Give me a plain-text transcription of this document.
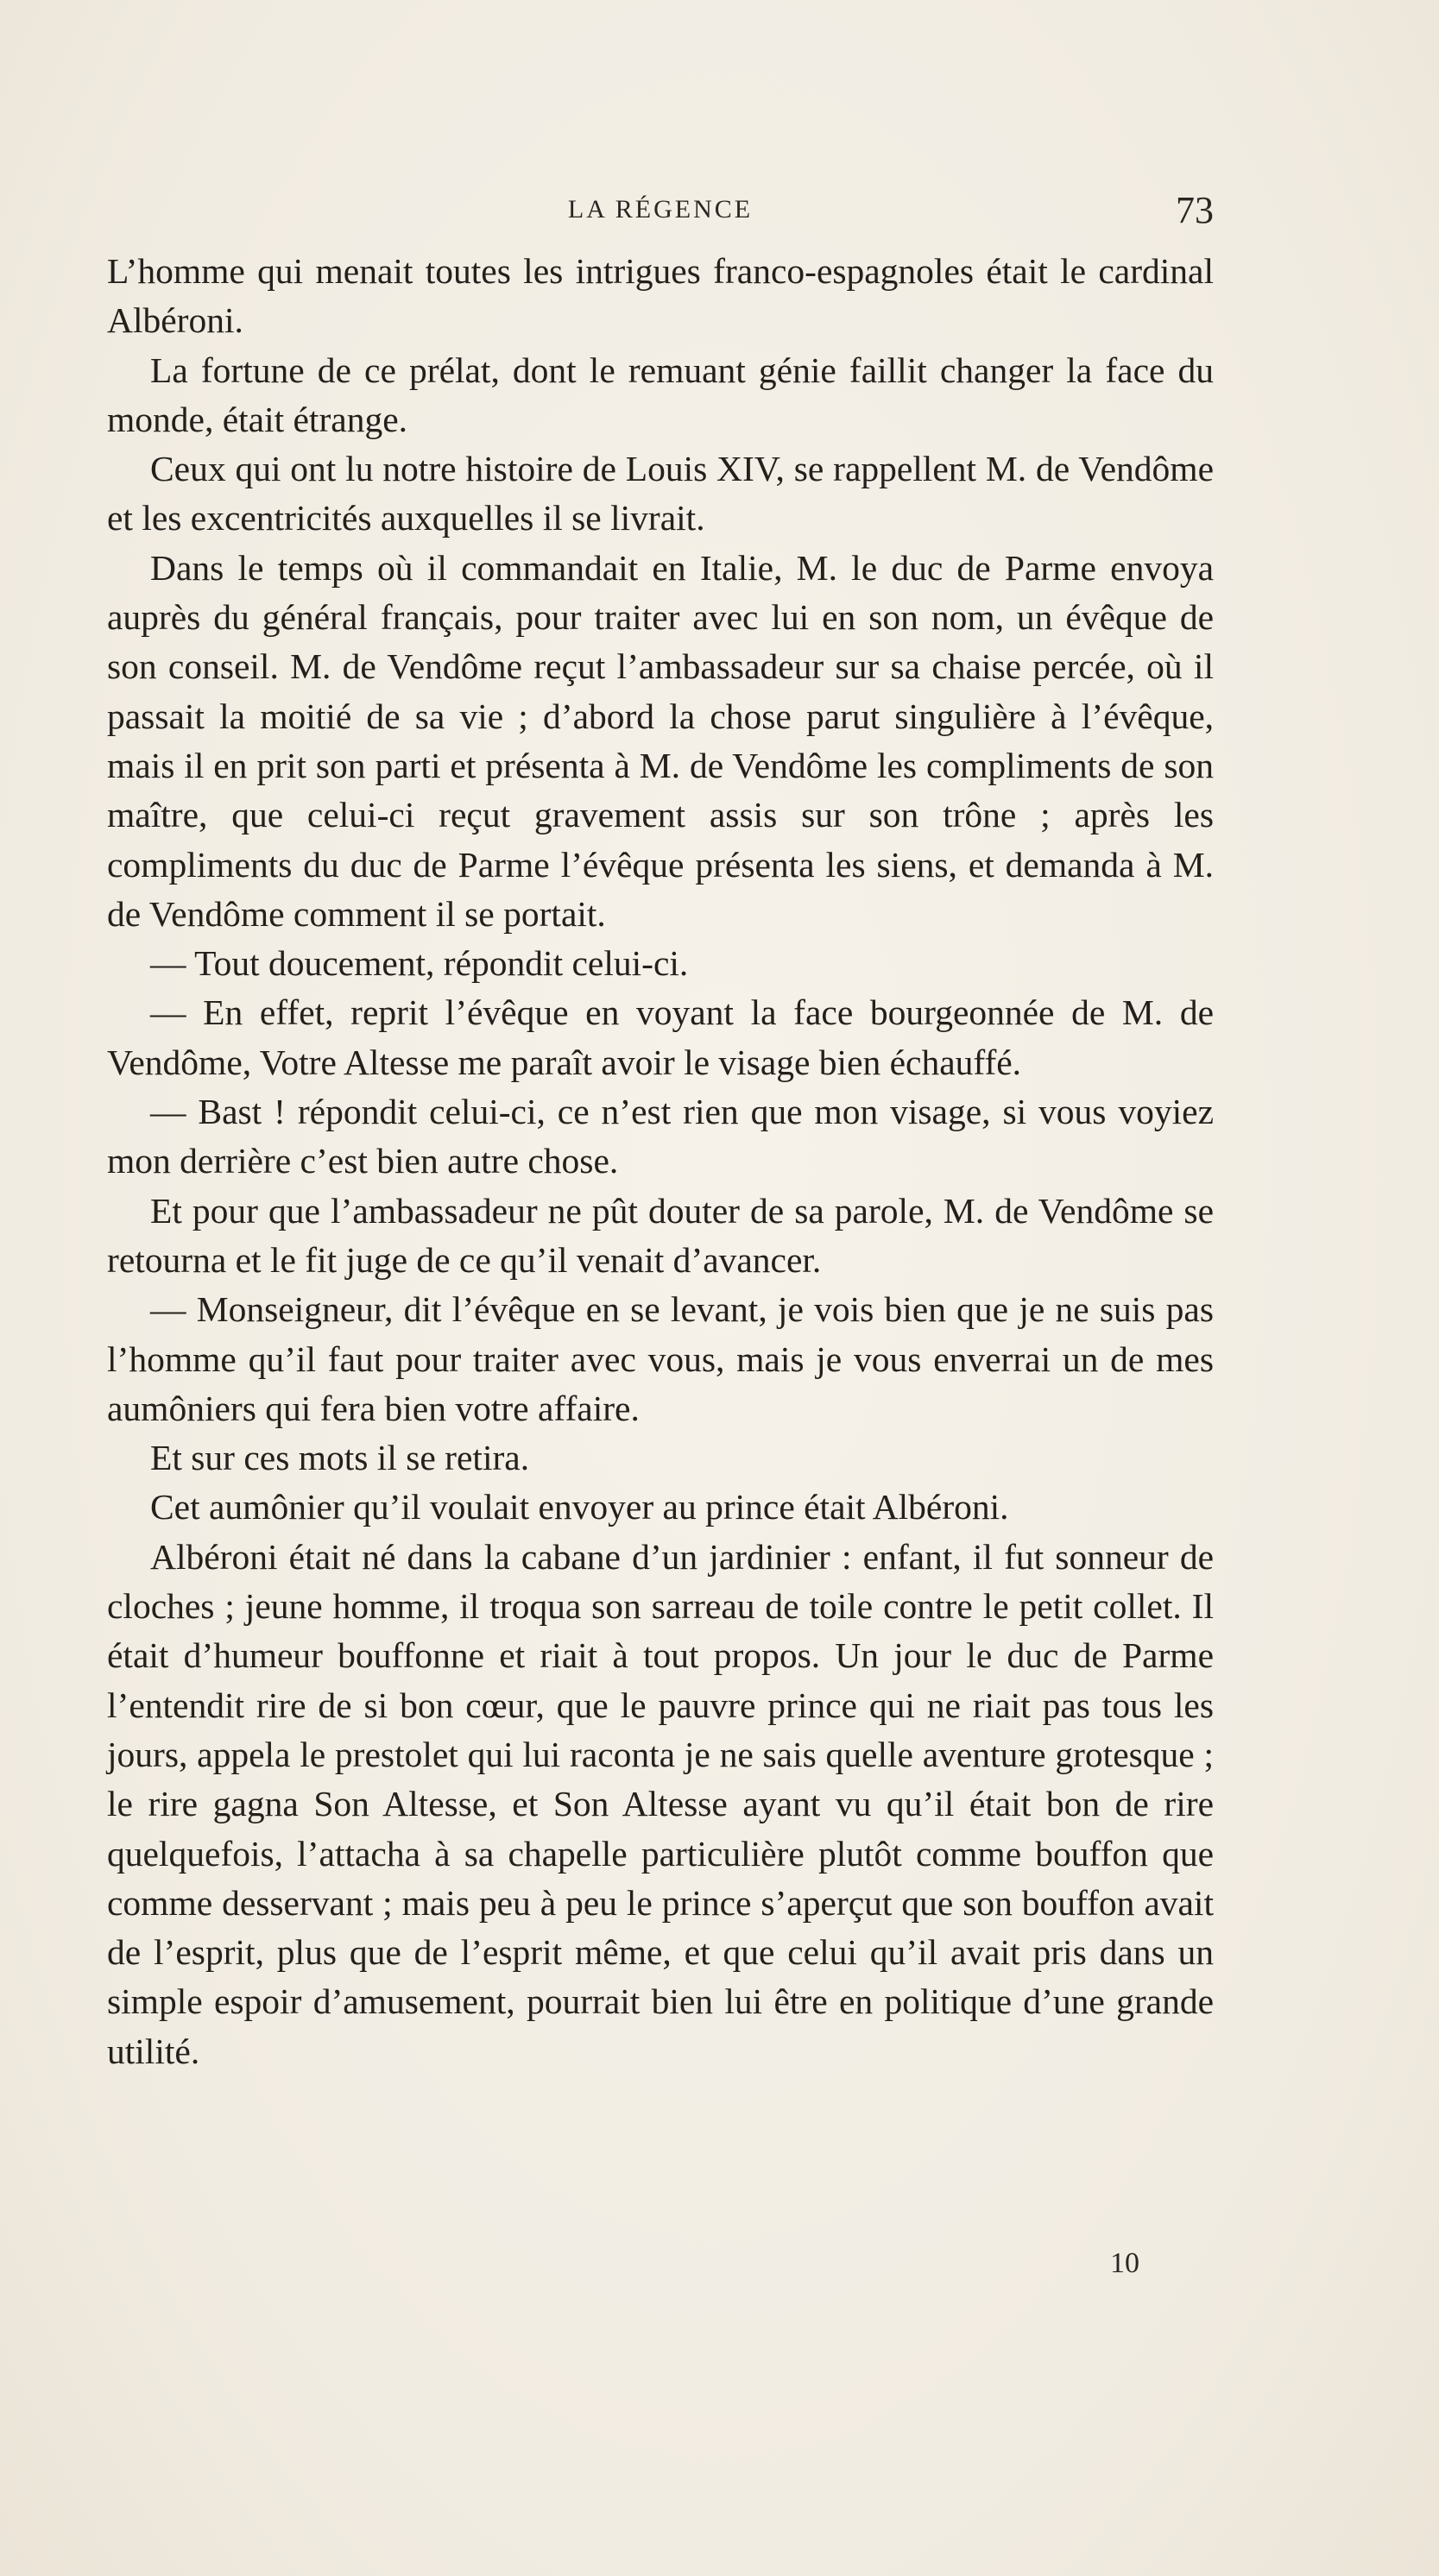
LA RÉGENCE	73

L’homme qui menait toutes les intrigues franco-espagnoles était le cardinal Albéroni.

La fortune de ce prélat, dont le remuant génie faillit changer la face du monde, était étrange.

Ceux qui ont lu notre histoire de Louis XIV, se rappellent M. de Vendôme et les excentricités auxquelles il se livrait.

Dans le temps où il commandait en Italie, M. le duc de Parme envoya auprès du général français, pour traiter avec lui en son nom, un évêque de son conseil. M. de Vendôme reçut l’ambassadeur sur sa chaise percée, où il passait la moitié de sa vie ; d’abord la chose parut singulière à l’évêque, mais il en prit son parti et présenta à M. de Vendôme les compliments de son maître, que celui-ci reçut gravement assis sur son trône ; après les compliments du duc de Parme l’évêque présenta les siens, et demanda à M. de Vendôme comment il se portait.

— Tout doucement, répondit celui-ci.

— En effet, reprit l’évêque en voyant la face bourgeonnée de M. de Vendôme, Votre Altesse me paraît avoir le visage bien échauffé.

— Bast ! répondit celui-ci, ce n’est rien que mon visage, si vous voyiez mon derrière c’est bien autre chose.

Et pour que l’ambassadeur ne pût douter de sa parole, M. de Vendôme se retourna et le fit juge de ce qu’il venait d’avancer.

— Monseigneur, dit l’évêque en se levant, je vois bien que je ne suis pas l’homme qu’il faut pour traiter avec vous, mais je vous enverrai un de mes aumôniers qui fera bien votre affaire.

Et sur ces mots il se retira.

Cet aumônier qu’il voulait envoyer au prince était Albéroni.

Albéroni était né dans la cabane d’un jardinier : enfant, il fut sonneur de cloches ; jeune homme, il troqua son sarreau de toile contre le petit collet. Il était d’humeur bouffonne et riait à tout propos. Un jour le duc de Parme l’entendit rire de si bon cœur, que le pauvre prince qui ne riait pas tous les jours, appela le prestolet qui lui raconta je ne sais quelle aventure grotesque ; le rire gagna Son Altesse, et Son Altesse ayant vu qu’il était bon de rire quelquefois, l’attacha à sa chapelle particulière plutôt comme bouffon que comme desservant ; mais peu à peu le prince s’aperçut que son bouffon avait de l’esprit, plus que de l’esprit même, et que celui qu’il avait pris dans un simple espoir d’amusement, pourrait bien lui être en politique d’une grande utilité.

10
